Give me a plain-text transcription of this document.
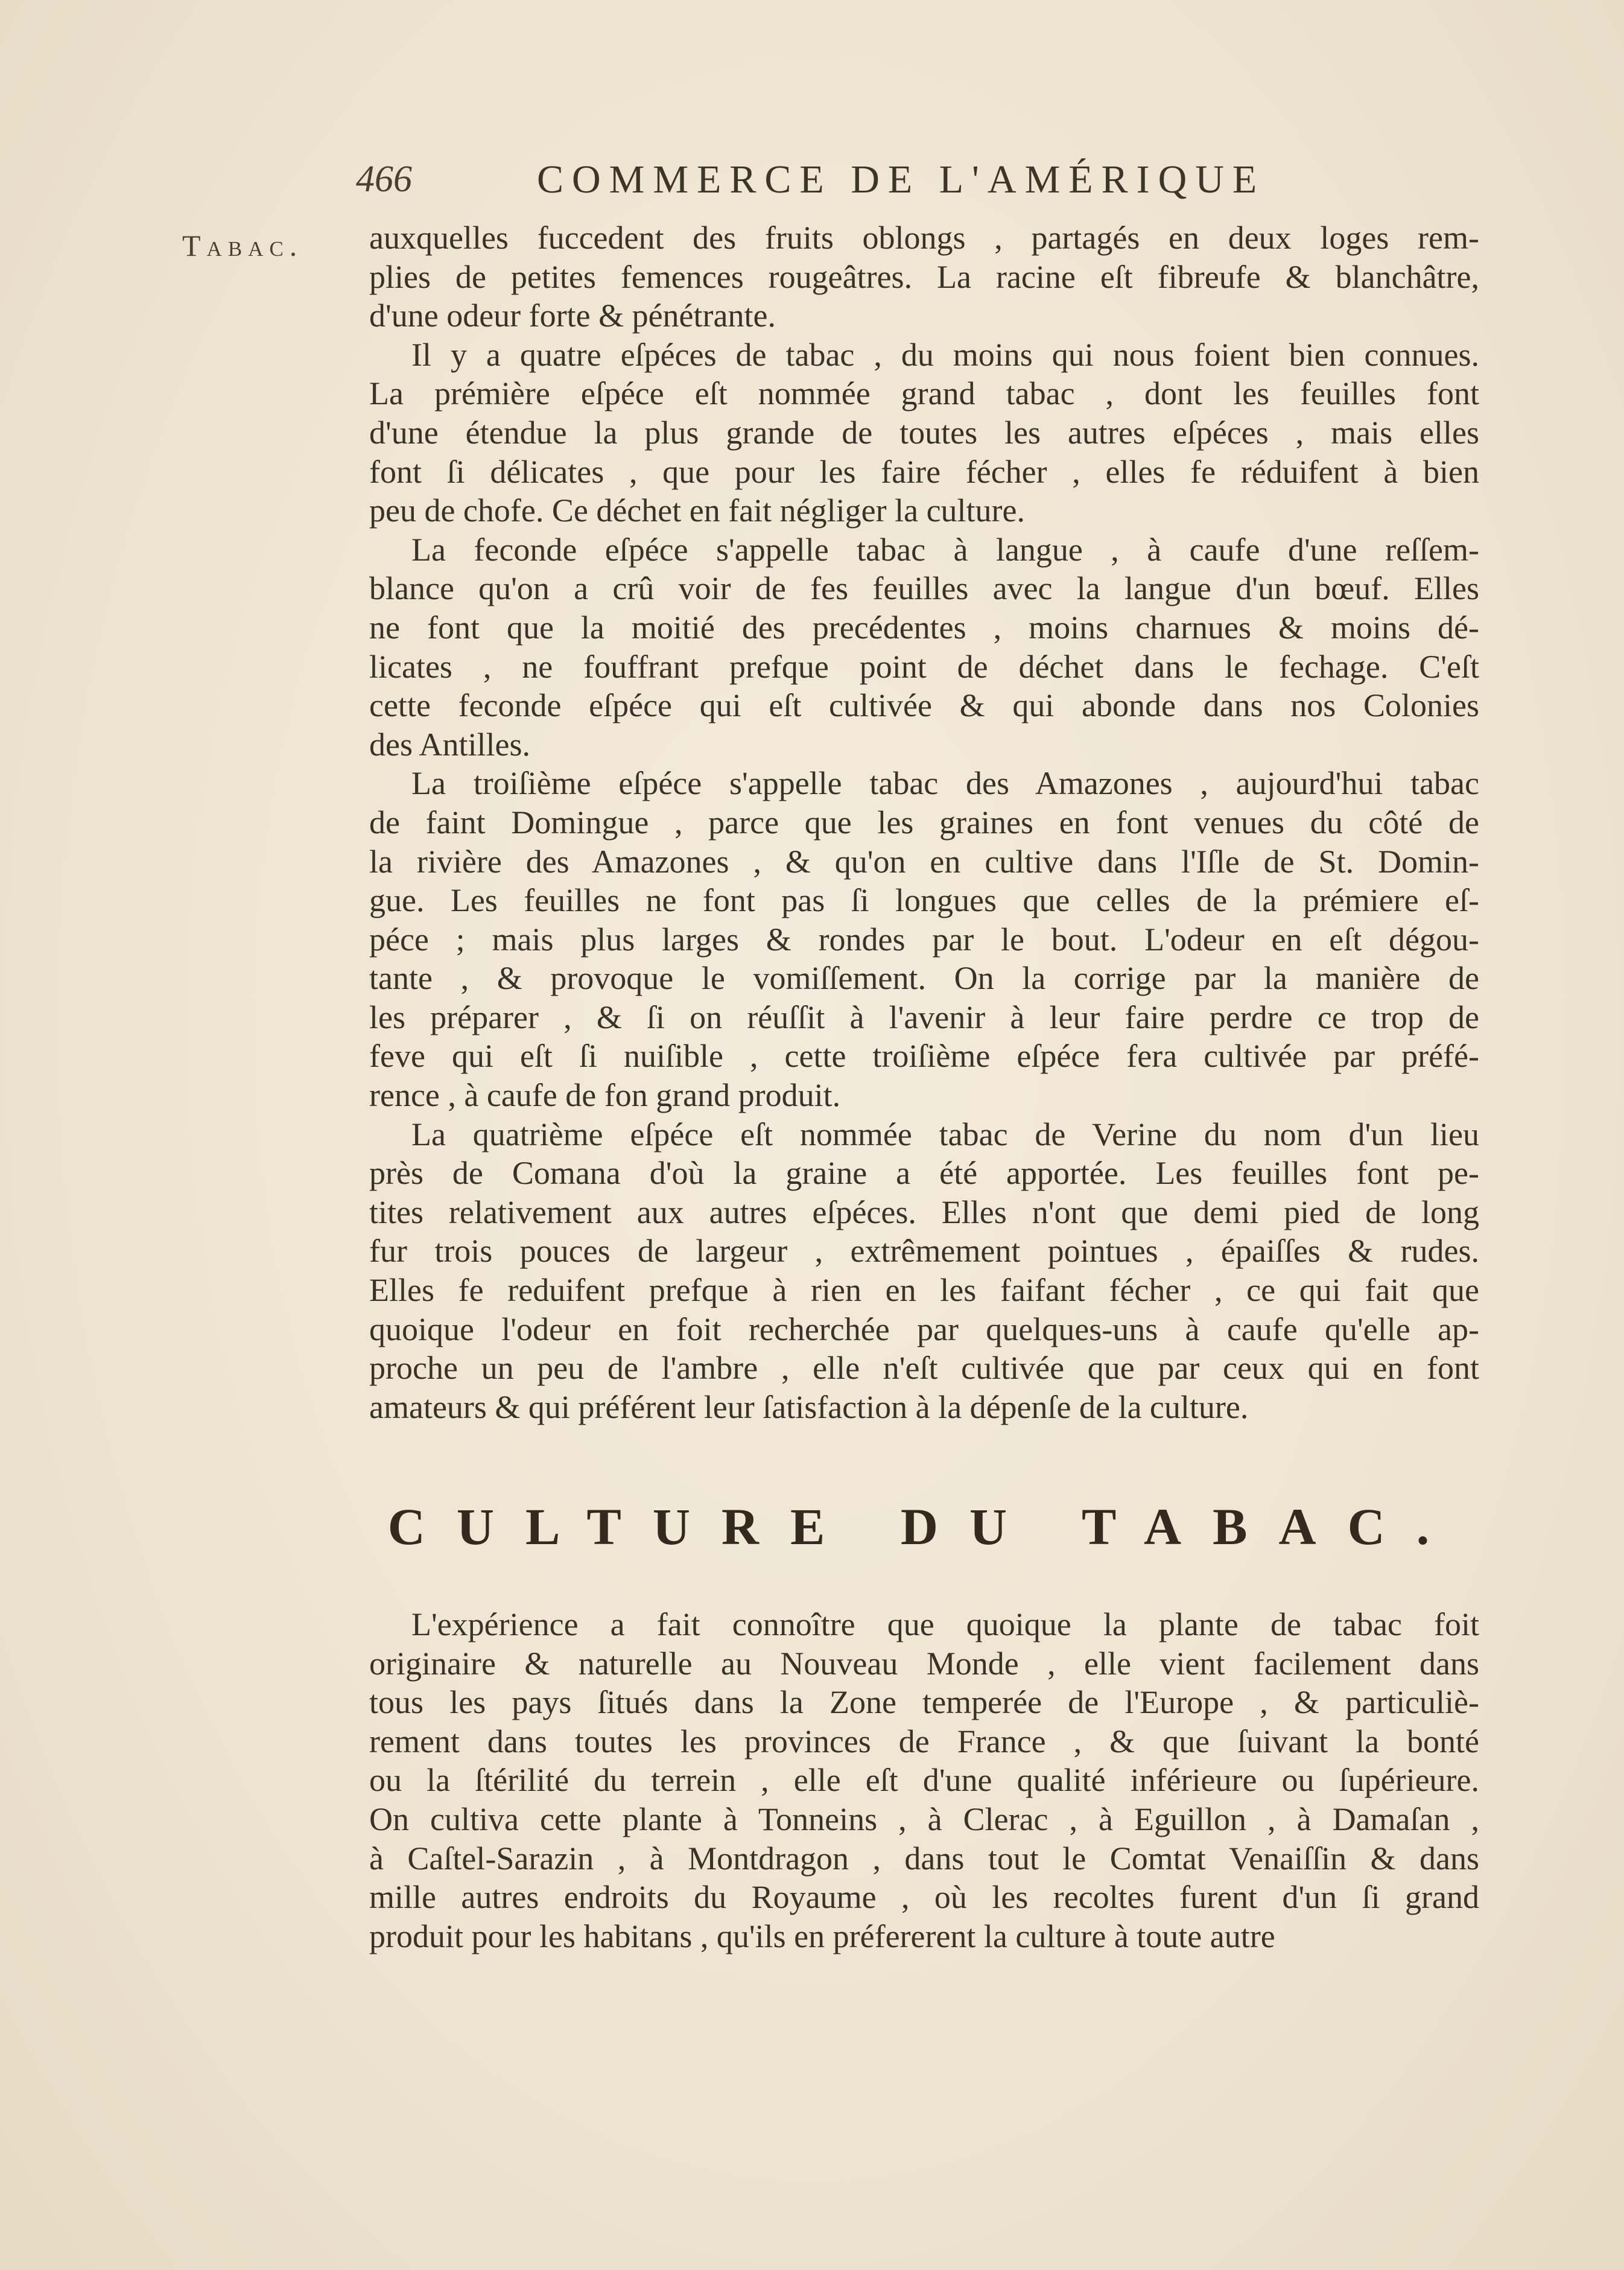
466	COMMERCE DE L'AMÉRIQUE
Tabac. auxquelles fuccedent des fruits oblongs , partagés en deux loges rem-
plies de petites femences rougeâtres. La racine eſt fibreufe & blanchâtre,
d'une odeur forte & pénétrante.
Il y a quatre eſpéces de tabac , du moins qui nous foient bien connues.
La prémière eſpéce eſt nommée grand tabac , dont les feuilles font
d'une étendue la plus grande de toutes les autres eſpéces , mais elles
font ſi délicates , que pour les faire fécher , elles fe réduifent à bien
peu de chofe. Ce déchet en fait négliger la culture.
La feconde eſpéce s'appelle tabac à langue , à caufe d'une reſſem-
blance qu'on a crû voir de fes feuilles avec la langue d'un bœuf. Elles
ne font que la moitié des precédentes , moins charnues & moins dé-
licates , ne fouffrant prefque point de déchet dans le fechage. C'eſt
cette feconde eſpéce qui eſt cultivée & qui abonde dans nos Colonies
des Antilles.
La troiſième eſpéce s'appelle tabac des Amazones , aujourd'hui tabac
de faint Domingue , parce que les graines en font venues du côté de
la rivière des Amazones , & qu'on en cultive dans l'Iſle de St. Domin-
gue. Les feuilles ne font pas ſi longues que celles de la prémiere eſ-
péce ; mais plus larges & rondes par le bout. L'odeur en eſt dégou-
tante , & provoque le vomiſſement. On la corrige par la manière de
les préparer , & ſi on réuſſit à l'avenir à leur faire perdre ce trop de
feve qui eſt ſi nuiſible , cette troiſième eſpéce fera cultivée par préfé-
rence , à caufe de fon grand produit.
La quatrième eſpéce eſt nommée tabac de Verine du nom d'un lieu
près de Comana d'où la graine a été apportée. Les feuilles font pe-
tites relativement aux autres eſpéces. Elles n'ont que demi pied de long
fur trois pouces de largeur , extrêmement pointues , épaiſſes & rudes.
Elles fe reduifent prefque à rien en les faifant fécher , ce qui fait que
quoique l'odeur en foit recherchée par quelques-uns à caufe qu'elle ap-
proche un peu de l'ambre , elle n'eſt cultivée que par ceux qui en font
amateurs & qui préférent leur ſatisfaction à la dépenſe de la culture.
CULTURE DU TABAC.
L'expérience a fait connoître que quoique la plante de tabac foit
originaire & naturelle au Nouveau Monde , elle vient facilement dans
tous les pays ſitués dans la Zone temperée de l'Europe , & particuliè-
rement dans toutes les provinces de France , & que ſuivant la bonté
ou la ſtérilité du terrein , elle eſt d'une qualité inférieure ou ſupérieure.
On cultiva cette plante à Tonneins , à Clerac , à Eguillon , à Damaſan ,
à Caſtel-Sarazin , à Montdragon , dans tout le Comtat Venaiſſin & dans
mille autres endroits du Royaume , où les recoltes furent d'un ſi grand
produit pour les habitans , qu'ils en préfererent la culture à toute autre
